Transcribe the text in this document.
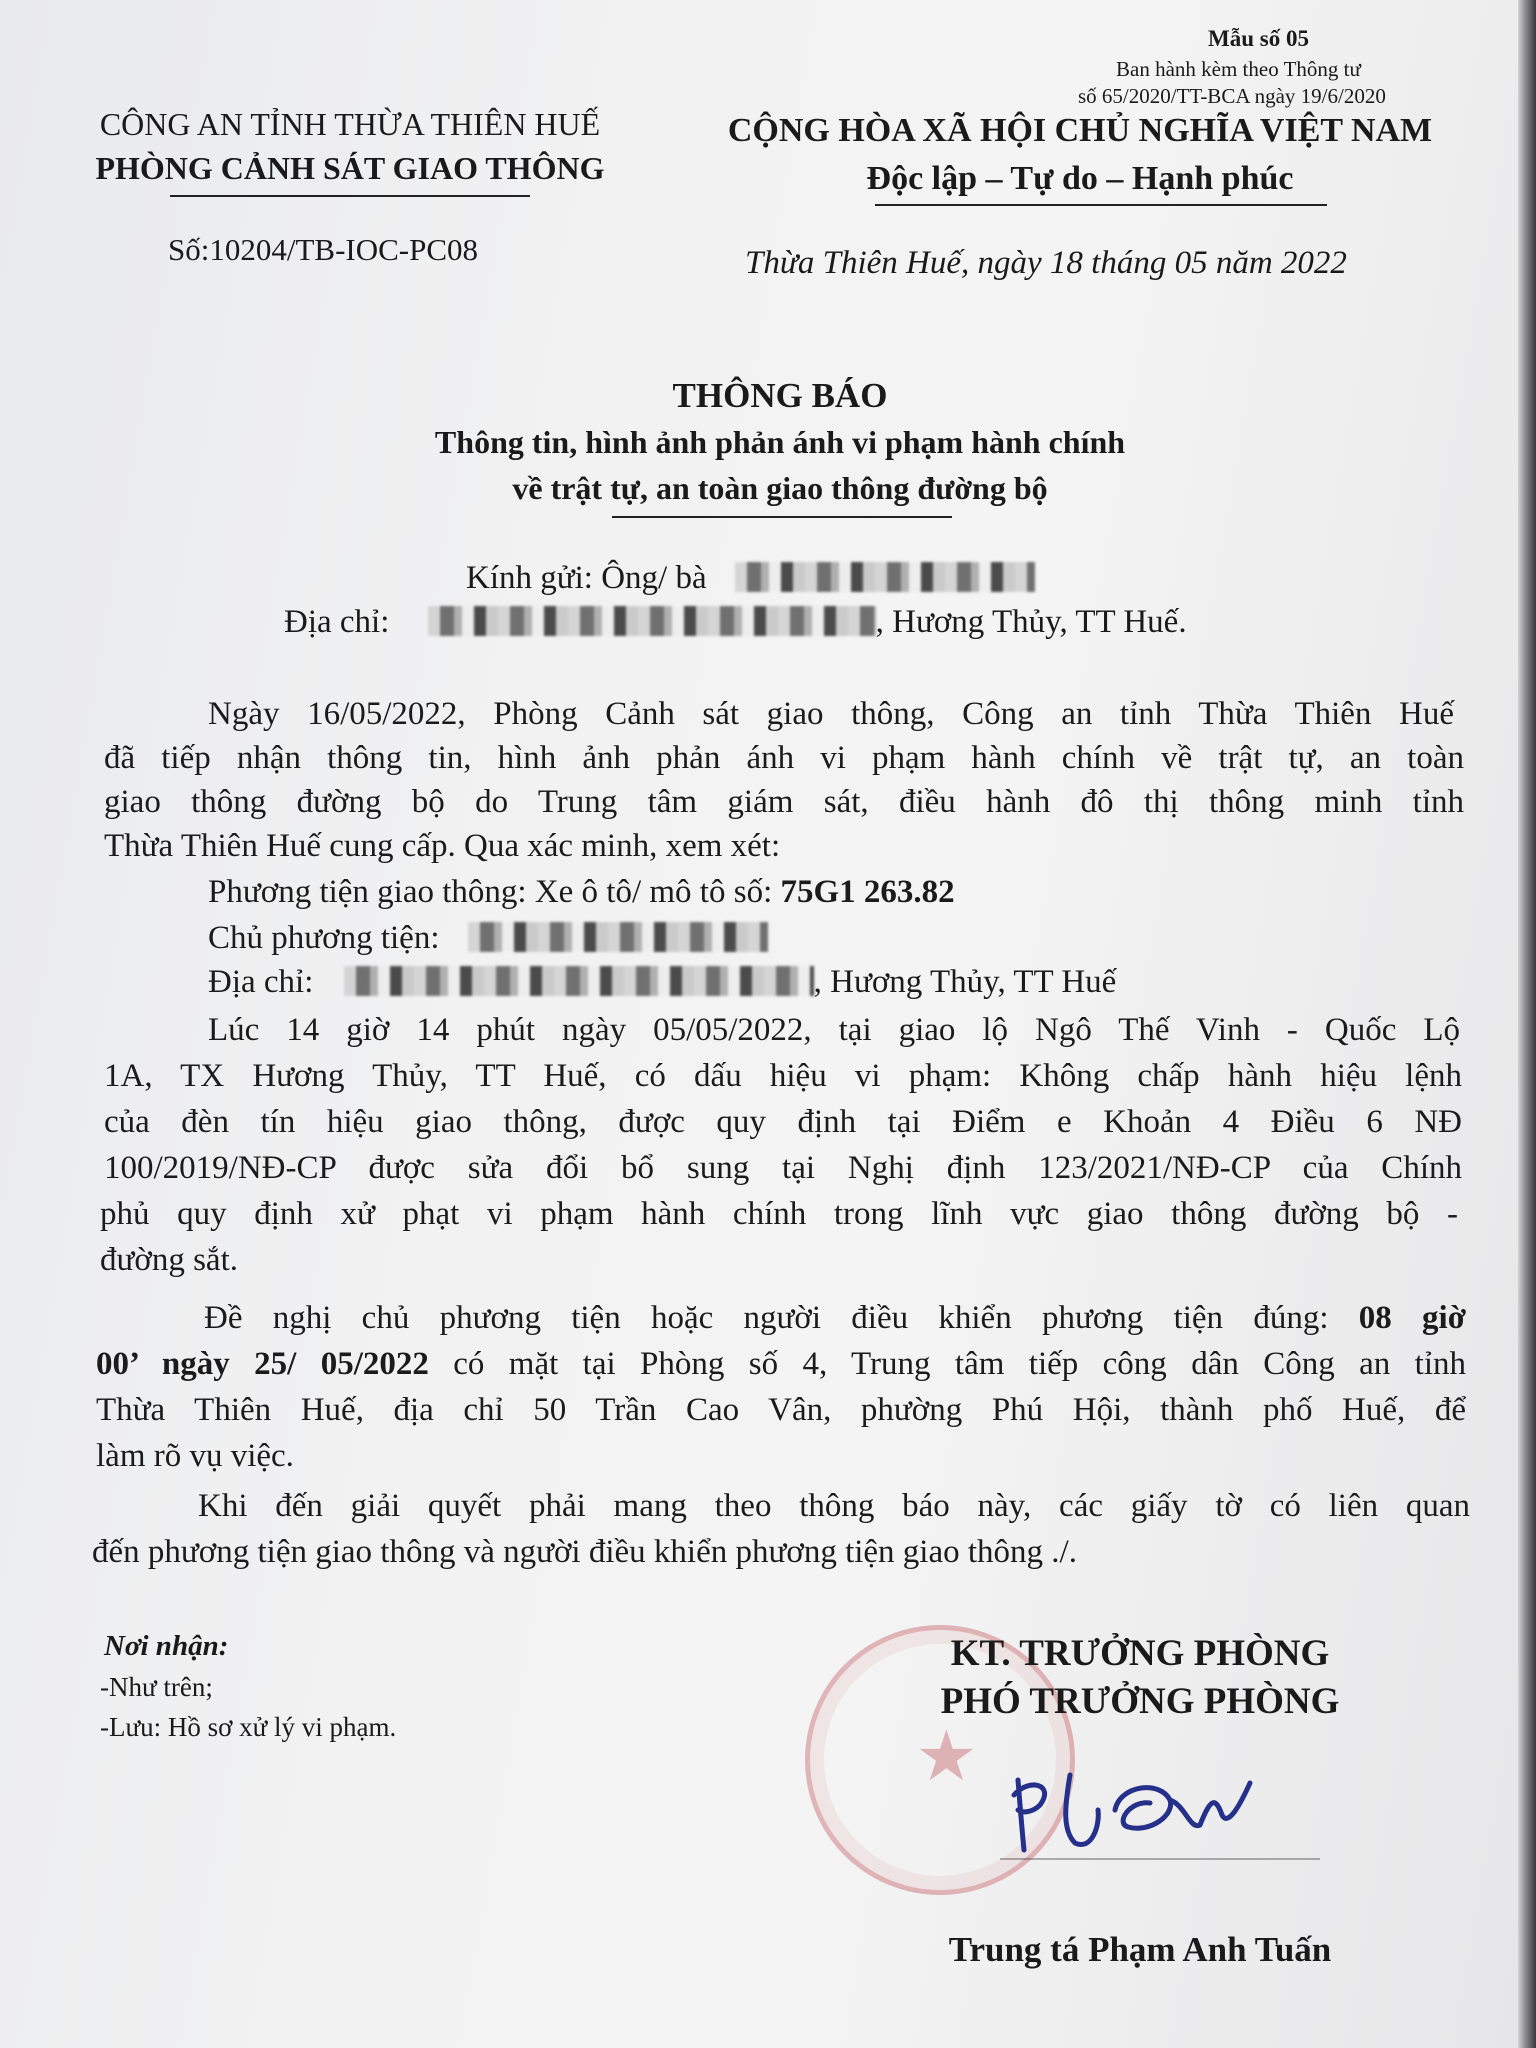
Mẫu số 05
Ban hành kèm theo Thông tư
số 65/2020/TT-BCA ngày 19/6/2020
CÔNG AN TỈNH THỪA THIÊN HUẾ
PHÒNG CẢNH SÁT GIAO THÔNG
Số:10204/TB-IOC-PC08
CỘNG HÒA XÃ HỘI CHỦ NGHĨA VIỆT NAM
Độc lập – Tự do – Hạnh phúc
Thừa Thiên Huế, ngày 18 tháng 05 năm 2022
THÔNG BÁO
Thông tin, hình ảnh phản ánh vi phạm hành chính
về trật tự, an toàn giao thông đường bộ
Kính gửi: Ông/ bà
Địa chỉ:	, Hương Thủy, TT Huế.
Ngày 16/05/2022, Phòng Cảnh sát giao thông, Công an tỉnh Thừa Thiên Huế
đã tiếp nhận thông tin, hình ảnh phản ánh vi phạm hành chính về trật tự, an toàn
giao thông đường bộ do Trung tâm giám sát, điều hành đô thị thông minh tỉnh
Thừa Thiên Huế cung cấp. Qua xác minh, xem xét:
Phương tiện giao thông: Xe ô tô/ mô tô số: 75G1 263.82
Chủ phương tiện:
Địa chỉ:	, Hương Thủy, TT Huế
Lúc 14 giờ 14 phút ngày 05/05/2022, tại giao lộ Ngô Thế Vinh - Quốc Lộ
1A, TX Hương Thủy, TT Huế, có dấu hiệu vi phạm: Không chấp hành hiệu lệnh
của đèn tín hiệu giao thông, được quy định tại Điểm e Khoản 4 Điều 6 NĐ
100/2019/NĐ-CP được sửa đổi bổ sung tại Nghị định 123/2021/NĐ-CP của Chính
phủ quy định xử phạt vi phạm hành chính trong lĩnh vực giao thông đường bộ -
đường sắt.
Đề nghị chủ phương tiện hoặc người điều khiển phương tiện đúng: 08 giờ
00’ ngày 25/ 05/2022 có mặt tại Phòng số 4, Trung tâm tiếp công dân Công an tỉnh
Thừa Thiên Huế, địa chỉ 50 Trần Cao Vân, phường Phú Hội, thành phố Huế, để
làm rõ vụ việc.
Khi đến giải quyết phải mang theo thông báo này, các giấy tờ có liên quan
đến phương tiện giao thông và người điều khiển phương tiện giao thông ./.
Nơi nhận:
-Như trên;
-Lưu: Hồ sơ xử lý vi phạm.	★
KT. TRƯỞNG PHÒNG
PHÓ TRƯỞNG PHÒNG
Trung tá Phạm Anh Tuấn
